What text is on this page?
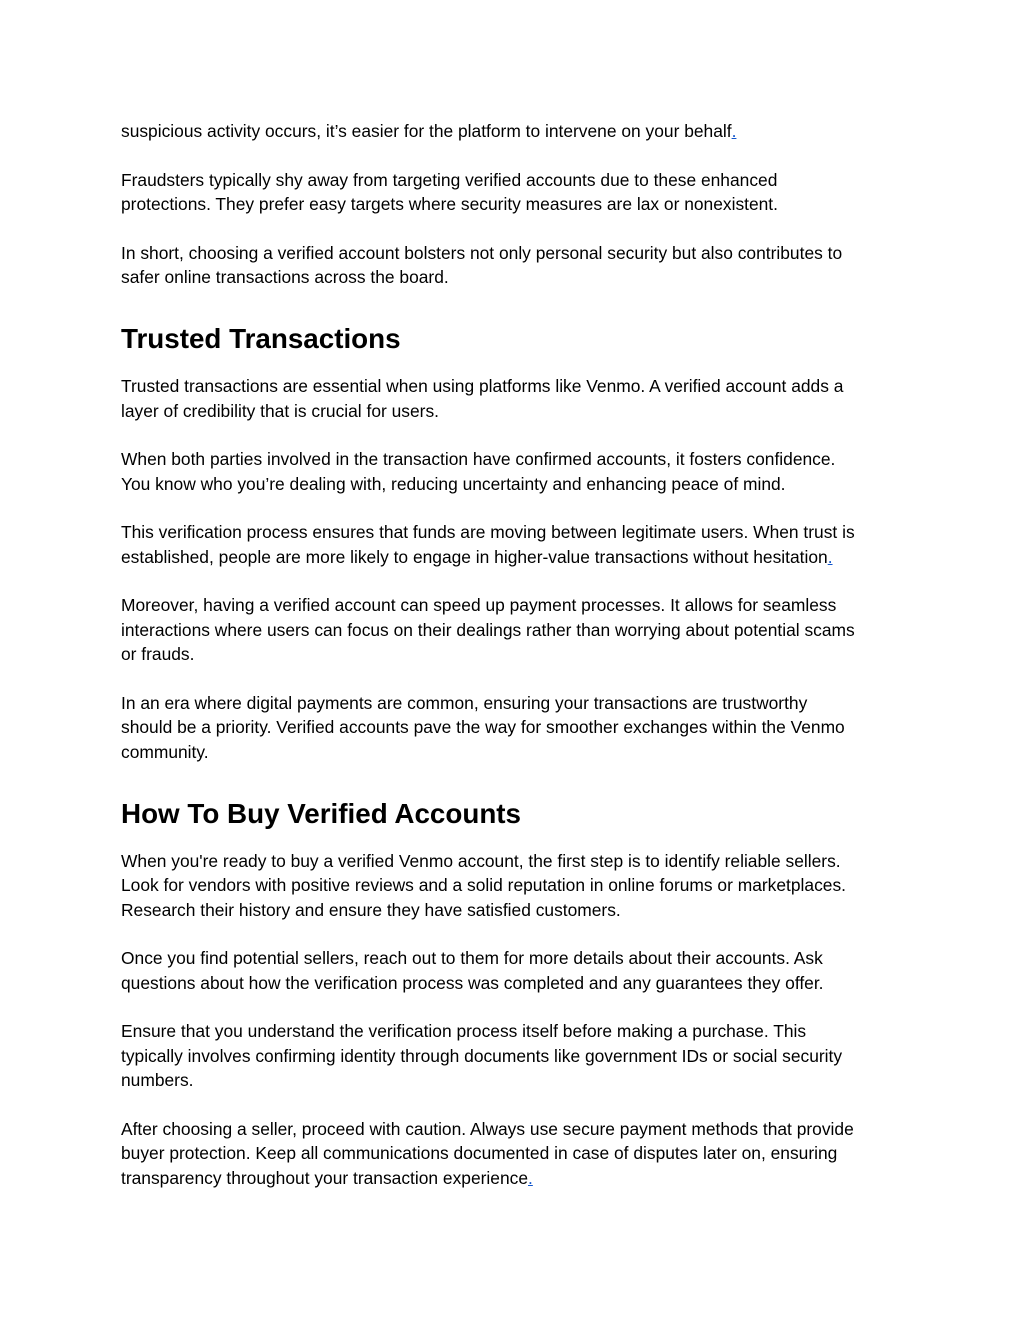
suspicious activity occurs, it’s easier for the platform to intervene on your behalf.

Fraudsters typically shy away from targeting verified accounts due to these enhanced
protections. They prefer easy targets where security measures are lax or nonexistent.

In short, choosing a verified account bolsters not only personal security but also contributes to
safer online transactions across the board.

Trusted Transactions

Trusted transactions are essential when using platforms like Venmo. A verified account adds a
layer of credibility that is crucial for users.

When both parties involved in the transaction have confirmed accounts, it fosters confidence.
You know who you’re dealing with, reducing uncertainty and enhancing peace of mind.

This verification process ensures that funds are moving between legitimate users. When trust is
established, people are more likely to engage in higher-value transactions without hesitation.

Moreover, having a verified account can speed up payment processes. It allows for seamless
interactions where users can focus on their dealings rather than worrying about potential scams
or frauds.

In an era where digital payments are common, ensuring your transactions are trustworthy
should be a priority. Verified accounts pave the way for smoother exchanges within the Venmo
community.

How To Buy Verified Accounts

When you're ready to buy a verified Venmo account, the first step is to identify reliable sellers.
Look for vendors with positive reviews and a solid reputation in online forums or marketplaces.
Research their history and ensure they have satisfied customers.

Once you find potential sellers, reach out to them for more details about their accounts. Ask
questions about how the verification process was completed and any guarantees they offer.

Ensure that you understand the verification process itself before making a purchase. This
typically involves confirming identity through documents like government IDs or social security
numbers.

After choosing a seller, proceed with caution. Always use secure payment methods that provide
buyer protection. Keep all communications documented in case of disputes later on, ensuring
transparency throughout your transaction experience.
